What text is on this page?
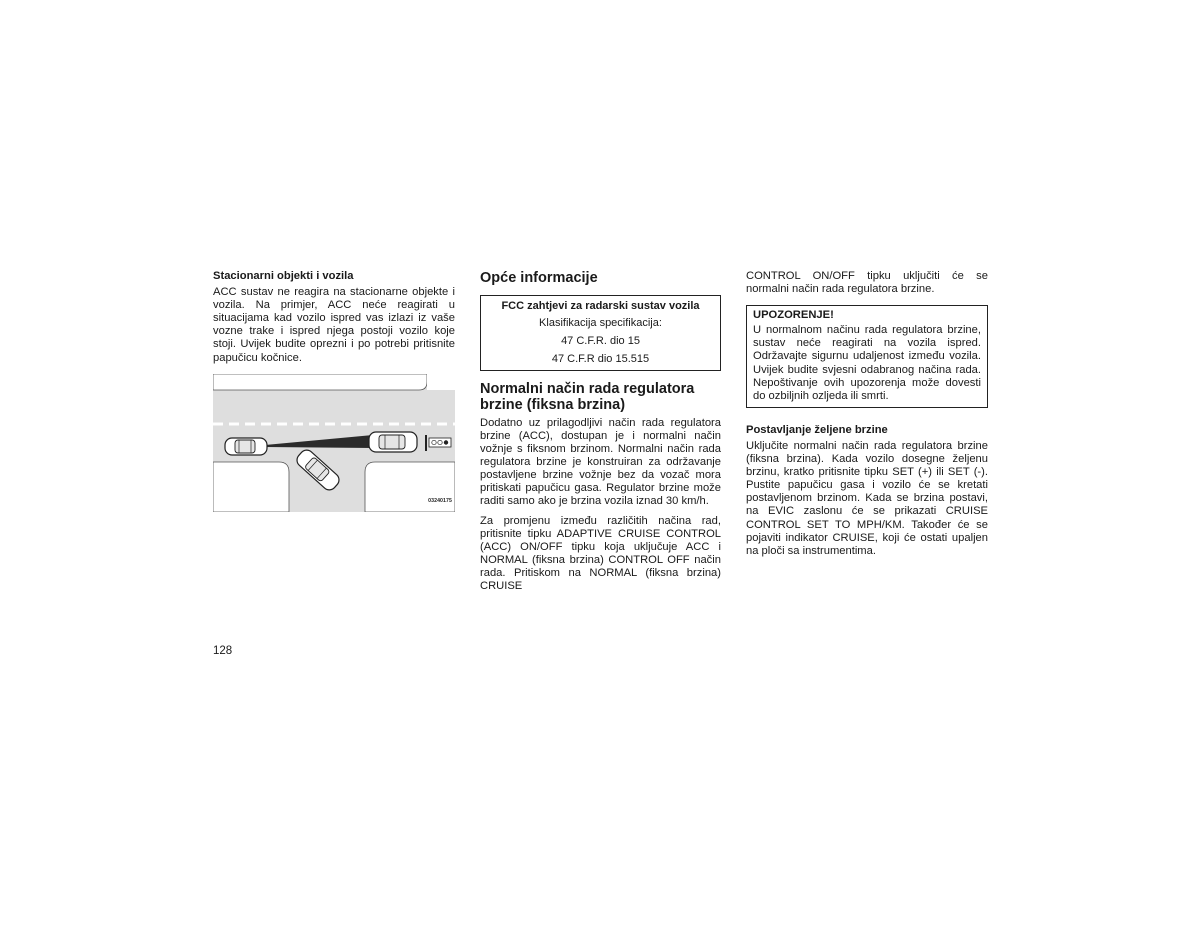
Stacionarni objekti i vozila

ACC sustav ne reagira na stacionarne objekte i vozila. Na primjer, ACC neće reagirati u situacijama kad vozilo ispred vas izlazi iz vaše vozne trake i ispred njega postoji vozilo koje stoji. Uvijek budite oprezni i po potrebi pritisnite papučicu kočnice.

03240175
Opće informacije
FCC zahtjevi za radarski sustav vozila
Klasifikacija specifikacija:
47 C.F.R. dio 15
47 C.F.R dio 15.515
Normalni način rada regulatora brzine (fiksna brzina)

Dodatno uz prilagodljivi način rada regulatora brzine (ACC), dostupan je i normalni način vožnje s fiksnom brzinom. Normalni način rada regulatora brzine je konstruiran za održavanje postavljene brzine vožnje bez da vozač mora pritiskati papučicu gasa. Regulator brzine može raditi samo ako je brzina vozila iznad 30 km/h.

Za promjenu između različitih načina rad, pritisnite tipku ADAPTIVE CRUISE CONTROL (ACC) ON/OFF tipku koja uključuje ACC i NORMAL (fiksna brzina) CONTROL OFF način rada. Pritiskom na NORMAL (fiksna brzina) CRUISE

CONTROL ON/OFF tipku uključiti će se normalni način rada regulatora brzine.

UPOZORENJE!

U normalnom načinu rada regulatora brzine, sustav neće reagirati na vozila ispred. Održavajte sigurnu udaljenost između vozila. Uvijek budite svjesni odabranog načina rada. Nepoštivanje ovih upozorenja može dovesti do ozbiljnih ozljeda ili smrti.

Postavljanje željene brzine

Uključite normalni način rada regulatora brzine (fiksna brzina). Kada vozilo dosegne željenu brzinu, kratko pritisnite tipku SET (+) ili SET (-). Pustite papučicu gasa i vozilo će se kretati postavljenom brzinom. Kada se brzina postavi, na EVIC zaslonu će se prikazati CRUISE CONTROL SET TO MPH/KM. Također će se pojaviti indikator CRUISE, koji će ostati upaljen na ploči sa instrumentima.

128
